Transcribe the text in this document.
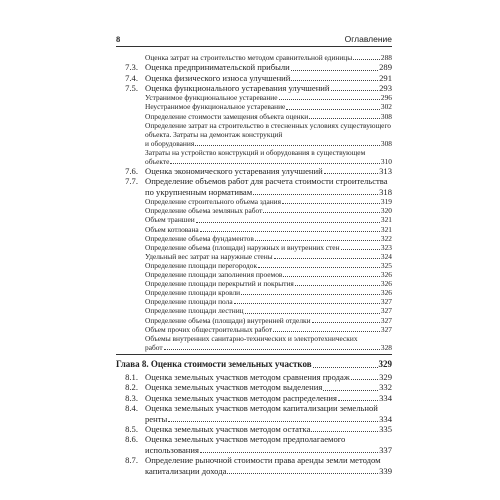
8	Оглавление
Оценка затрат на строительство методом сравнительной единицы	288
7.3. Оценка предпринимательской прибыли	289
7.4. Оценка физического износа улучшений	291
7.5. Оценка функционального устаревания улучшений	293
Устранимое функциональное устаревание	296
Неустранимое функциональное устаревание	302
Определение стоимости замещения объекта оценки	308
Определение затрат на строительство в стесненных условиях существующего объекта. Затраты на демонтаж конструкций
и оборудования	308
Затраты на устройство конструкций и оборудования в существующем
объекте	310
7.6. Оценка экономического устаревания улучшений	313
7.7. Определение объемов работ для расчета стоимости строительства
по укрупненным нормативам	318
Определение строительного объема здания	319
Определение объема земляных работ	320
Объем траншеи	321
Объем котлована	321
Определение объема фундаментов	322
Определение объема (площади) наружных и внутренних стен	323
Удельный вес затрат на наружные стены	324
Определение площади перегородок	325
Определение площади заполнения проемов	326
Определение площади перекрытий и покрытия	326
Определение площади кровли	326
Определение площади пола	327
Определение площади лестниц	327
Определение объема (площади) внутренней отделки	327
Объем прочих общестроительных работ	327
Объемы внутренних санитарно-технических и электротехнических
работ	328
Глава 8. Оценка стоимости земельных участков	329
8.1. Оценка земельных участков методом сравнения продаж	329
8.2. Оценка земельных участков методом выделения	332
8.3. Оценка земельных участков методом распределения	334
8.4. Оценка земельных участков методом капитализации земельной
ренты	334
8.5. Оценка земельных участков методом остатка	335
8.6. Оценка земельных участков методом предполагаемого
использования	337
8.7. Определение рыночной стоимости права аренды земли методом
капитализации дохода	339
